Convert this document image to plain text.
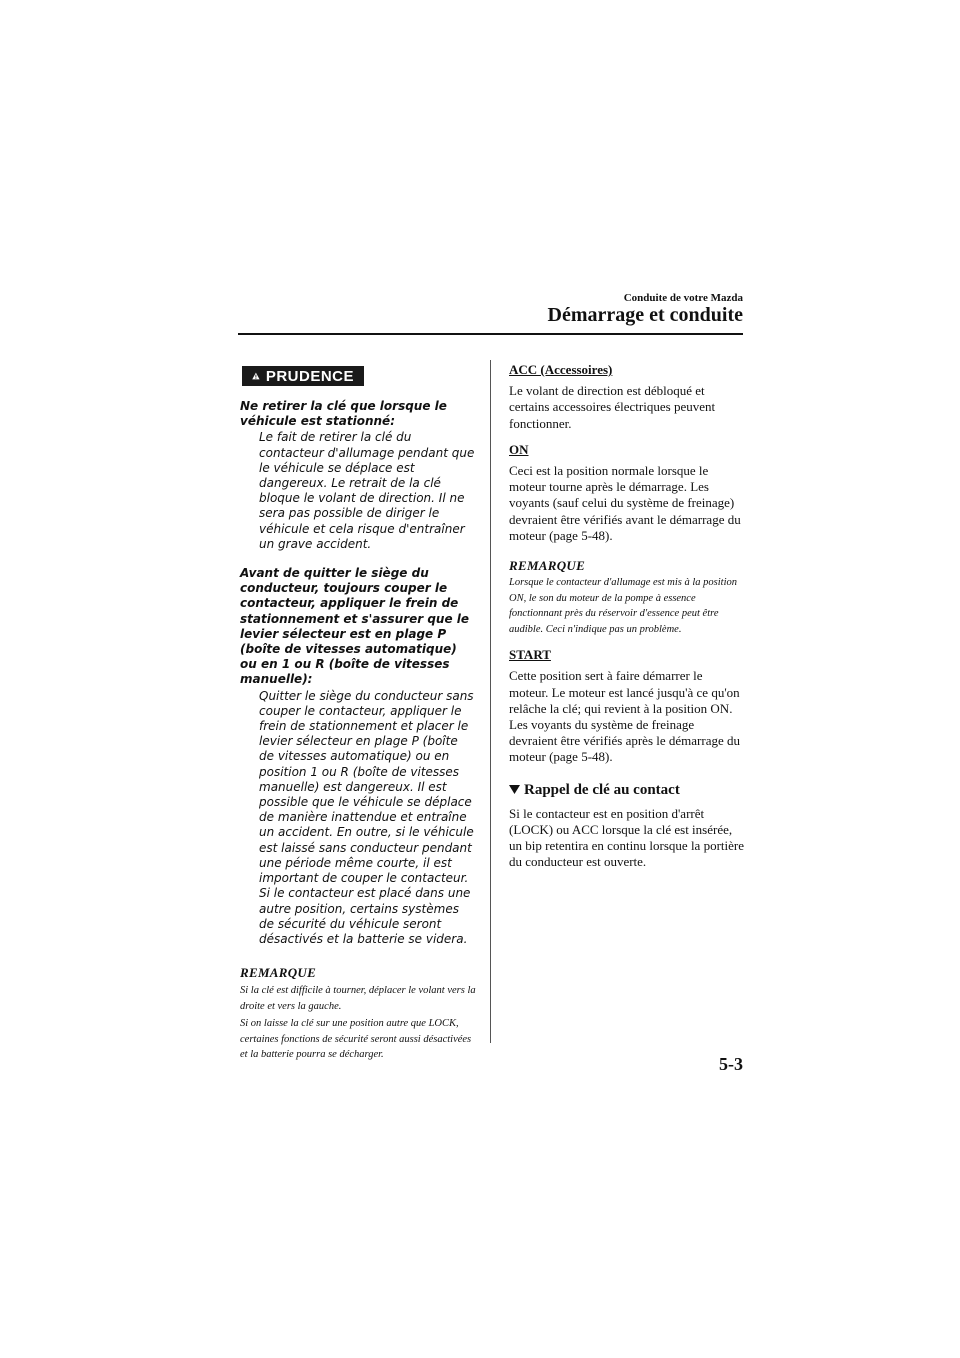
Conduite de votre Mazda
Démarrage et conduite
PRUDENCE
Ne retirer la clé que lorsque le véhicule est stationné:
Le fait de retirer la clé du contacteur d'allumage pendant que le véhicule se déplace est dangereux. Le retrait de la clé bloque le volant de direction. Il ne sera pas possible de diriger le véhicule et cela risque d'entraîner un grave accident.
Avant de quitter le siège du conducteur, toujours couper le contacteur, appliquer le frein de stationnement et s'assurer que le levier sélecteur est en plage P (boîte de vitesses automatique) ou en 1 ou R (boîte de vitesses manuelle):
Quitter le siège du conducteur sans couper le contacteur, appliquer le frein de stationnement et placer le levier sélecteur en plage P (boîte de vitesses automatique) ou en position 1 ou R (boîte de vitesses manuelle) est dangereux. Il est possible que le véhicule se déplace de manière inattendue et entraîne un accident. En outre, si le véhicule est laissé sans conducteur pendant une période même courte, il est important de couper le contacteur. Si le contacteur est placé dans une autre position, certains systèmes de sécurité du véhicule seront désactivés et la batterie se videra.
REMARQUE
Si la clé est difficile à tourner, déplacer le volant vers la droite et vers la gauche.
Si on laisse la clé sur une position autre que LOCK, certaines fonctions de sécurité seront aussi désactivées et la batterie pourra se décharger.
ACC (Accessoires)

Le volant de direction est débloqué et certains accessoires électriques peuvent fonctionner.

ON

Ceci est la position normale lorsque le moteur tourne après le démarrage. Les voyants (sauf celui du système de freinage) devraient être vérifiés avant le démarrage du moteur (page 5-48).

REMARQUE
Lorsque le contacteur d'allumage est mis à la position ON, le son du moteur de la pompe à essence fonctionnant près du réservoir d'essence peut être audible. Ceci n'indique pas un problème.
START

Cette position sert à faire démarrer le moteur. Le moteur est lancé jusqu'à ce qu'on relâche la clé; qui revient à la position ON. Les voyants du système de freinage devraient être vérifiés après le démarrage du moteur (page 5-48).

Rappel de clé au contact

Si le contacteur est en position d'arrêt (LOCK) ou ACC lorsque la clé est insérée, un bip retentira en continu lorsque la portière du conducteur est ouverte.

5-3
